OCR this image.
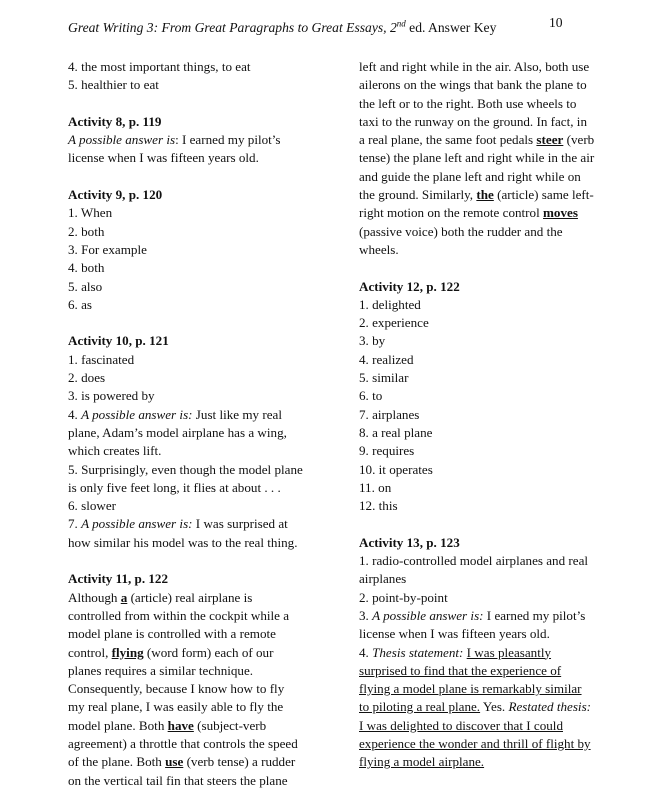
Great Writing 3: From Great Paragraphs to Great Essays, 2nd ed. Answer Key	10
4. the most important things, to eat
5. healthier to eat
Activity 8, p. 119
A possible answer is: I earned my pilot’s
license when I was fifteen years old.
Activity 9, p. 120
1. When
2. both
3. For example
4. both
5. also
6. as
Activity 10, p. 121
1. fascinated
2. does
3. is powered by
4. A possible answer is: Just like my real
plane, Adam’s model airplane has a wing,
which creates lift.
5. Surprisingly, even though the model plane
is only five feet long, it flies at about . . .
6. slower
7. A possible answer is: I was surprised at
how similar his model was to the real thing.
Activity 11, p. 122
Although a (article) real airplane is
controlled from within the cockpit while a
model plane is controlled with a remote
control, flying (word form) each of our
planes requires a similar technique.
Consequently, because I know how to fly
my real plane, I was easily able to fly the
model plane. Both have (subject-verb
agreement) a throttle that controls the speed
of the plane. Both use (verb tense) a rudder
on the vertical tail fin that steers the plane
left and right while in the air. Also, both use
ailerons on the wings that bank the plane to
the left or to the right. Both use wheels to
taxi to the runway on the ground. In fact, in
a real plane, the same foot pedals steer (verb
tense) the plane left and right while in the air
and guide the plane left and right while on
the ground. Similarly, the (article) same left-
right motion on the remote control moves
(passive voice) both the rudder and the
wheels.
Activity 12, p. 122
1. delighted
2. experience
3. by
4. realized
5. similar
6. to
7. airplanes
8. a real plane
9. requires
10. it operates
11. on
12. this
Activity 13, p. 123
1. radio-controlled model airplanes and real
airplanes
2. point-by-point
3. A possible answer is: I earned my pilot’s
license when I was fifteen years old.
4. Thesis statement: I was pleasantly
surprised to find that the experience of
flying a model plane is remarkably similar
to piloting a real plane. Yes. Restated thesis:
I was delighted to discover that I could
experience the wonder and thrill of flight by
flying a model airplane.
